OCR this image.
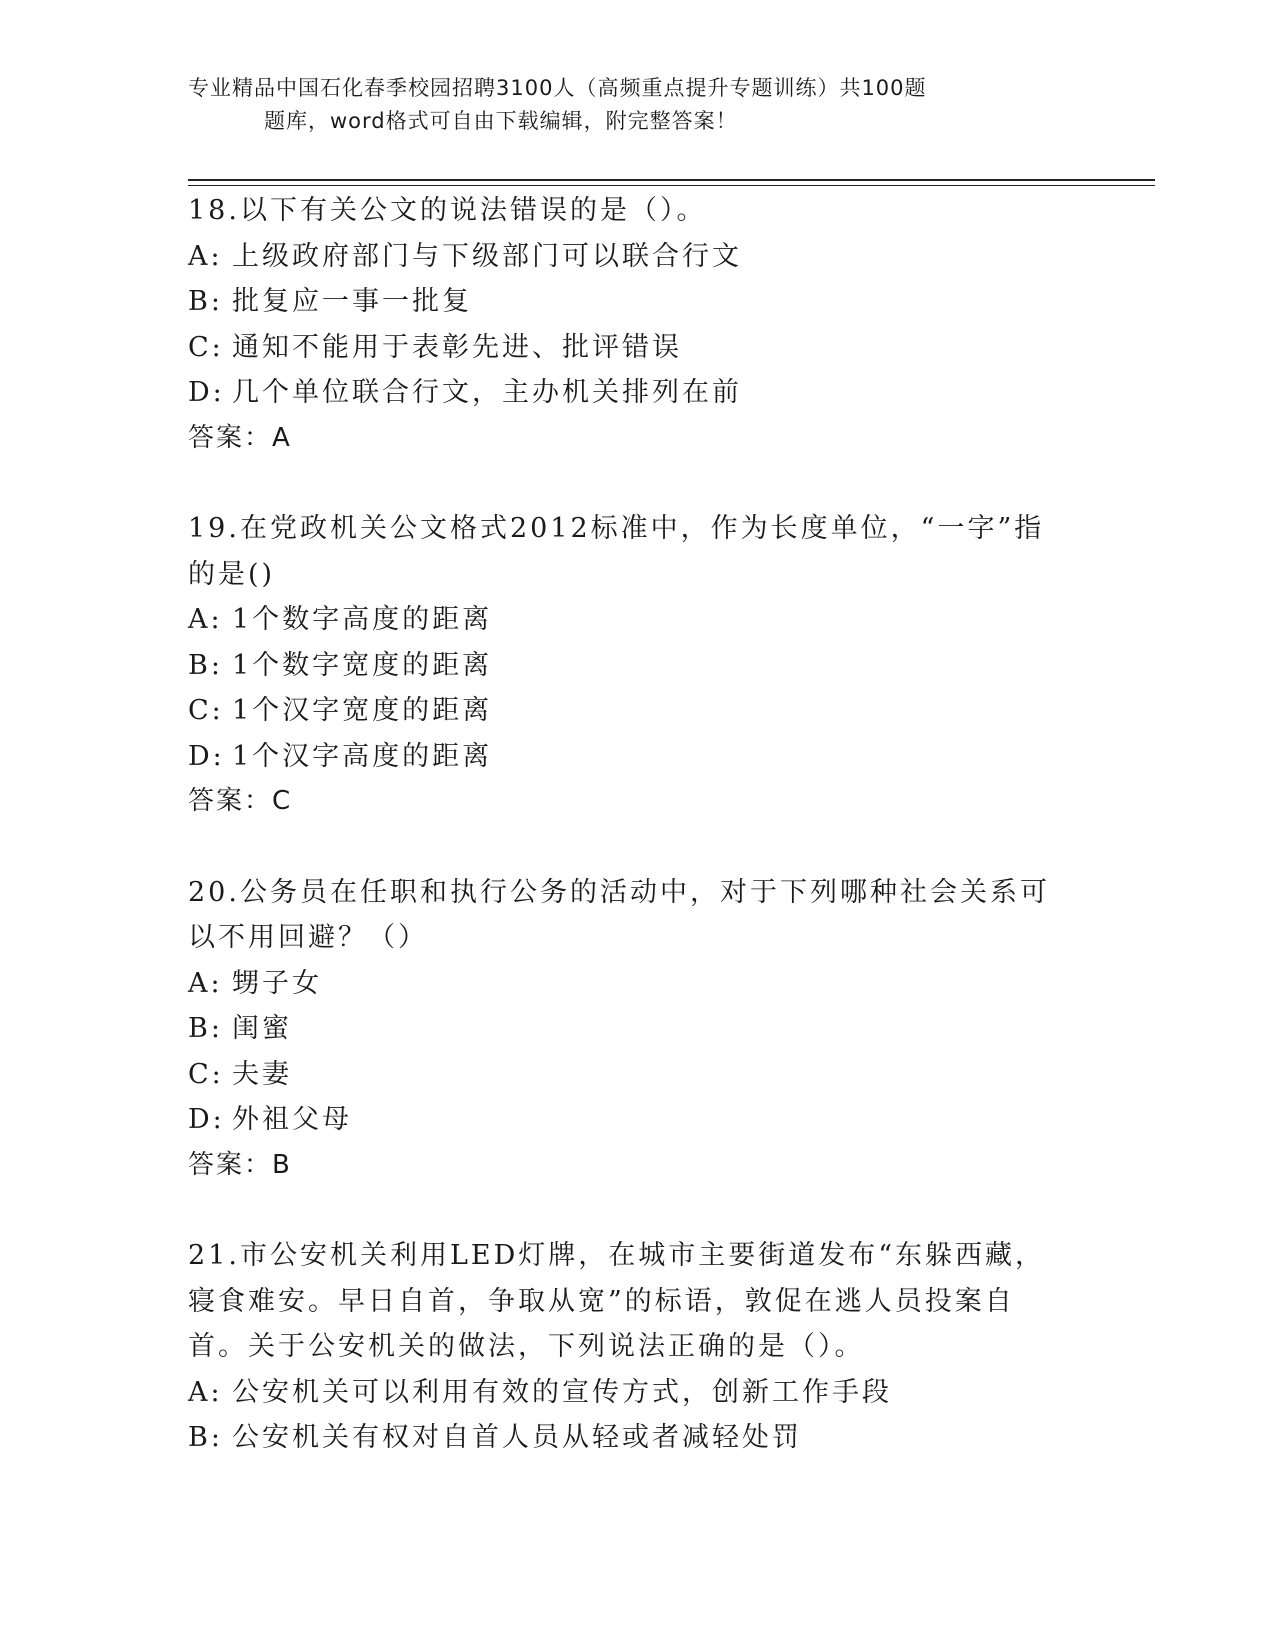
专业精品中国石化春季校园招聘3100人（高频重点提升专题训练）共100题
题库，word格式可自由下载编辑，附完整答案！
18.以下有关公文的说法错误的是（）。
A: 上级政府部门与下级部门可以联合行文
B: 批复应一事一批复
C: 通知不能用于表彰先进、批评错误
D: 几个单位联合行文，主办机关排列在前
答案：A
19.在党政机关公文格式2012标准中，作为长度单位，“一字”指的是()
A: 1个数字高度的距离
B: 1个数字宽度的距离
C: 1个汉字宽度的距离
D: 1个汉字高度的距离
答案：C
20.公务员在任职和执行公务的活动中，对于下列哪种社会关系可以不用回避？（）
A: 甥子女
B: 闺蜜
C: 夫妻
D: 外祖父母
答案：B
21.市公安机关利用LED灯牌，在城市主要街道发布“东躲西藏，寝食难安。早日自首，争取从宽”的标语，敦促在逃人员投案自首。关于公安机关的做法，下列说法正确的是（）。
A: 公安机关可以利用有效的宣传方式，创新工作手段
B: 公安机关有权对自首人员从轻或者减轻处罚
